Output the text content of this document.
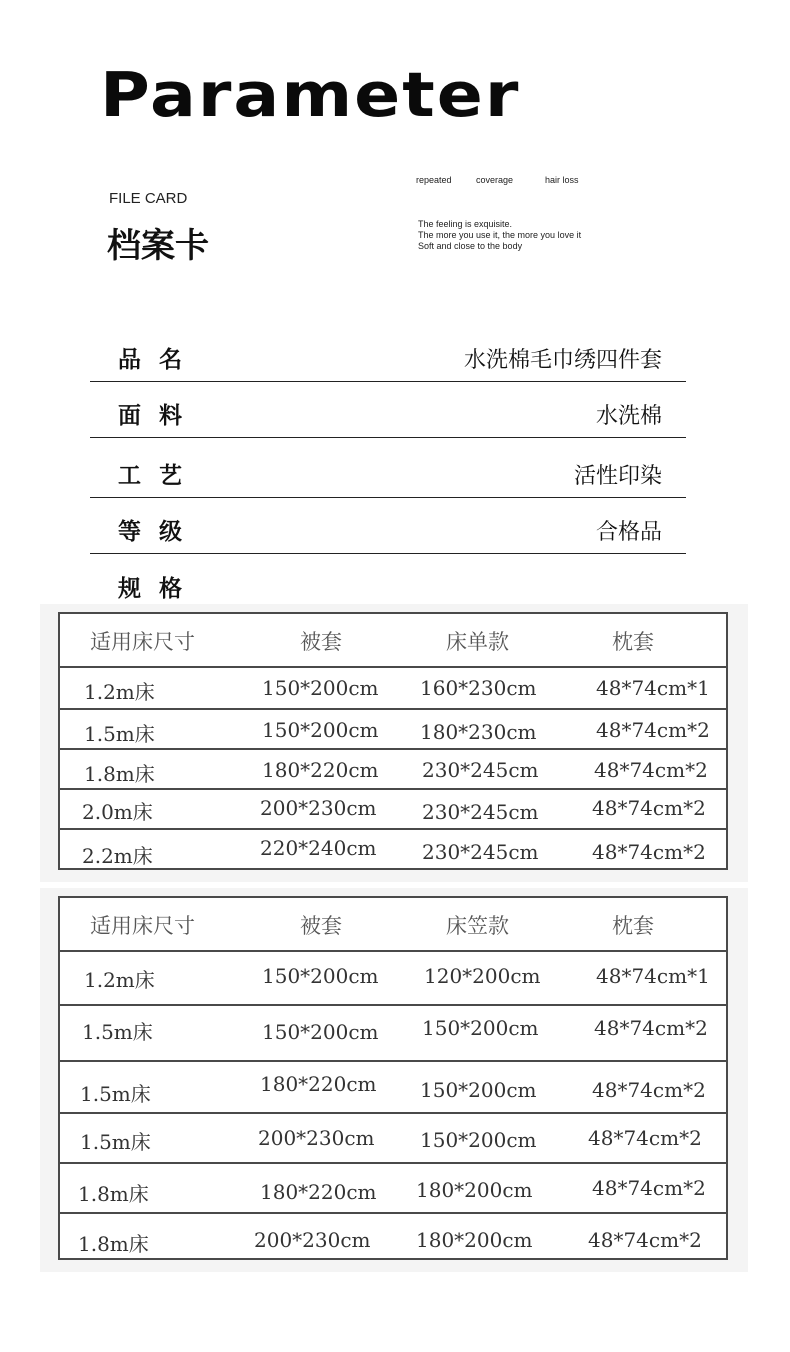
Parameter
FILE CARD
档案卡
repeated	coverage	hair loss
The feeling is exquisite.
The more you use it, the more you love it
Soft and close to the body
品名	水洗棉毛巾绣四件套
面料	水洗棉
工艺	活性印染
等级	合格品
规格
适用床尺寸	被套	床单款	枕套
1.2m床	150*200cm 160*230cm	48*74cm*1
1.5m床	150*200cm 180*230cm	48*74cm*2
1.8m床	180*220cm 230*245cm	48*74cm*2
2.0m床	200*230cm 230*245cm	48*74cm*2
2.2m床	220*240cm 230*245cm	48*74cm*2
适用床尺寸	被套	床笠款	枕套
1.2m床	150*200cm 120*200cm	48*74cm*1
1.5m床	150*200cm 150*200cm	48*74cm*2
1.5m床	180*220cm 150*200cm	48*74cm*2
1.5m床	200*230cm 150*200cm	48*74cm*2
1.8m床	180*220cm 180*200cm	48*74cm*2
1.8m床	200*230cm 180*200cm	48*74cm*2
